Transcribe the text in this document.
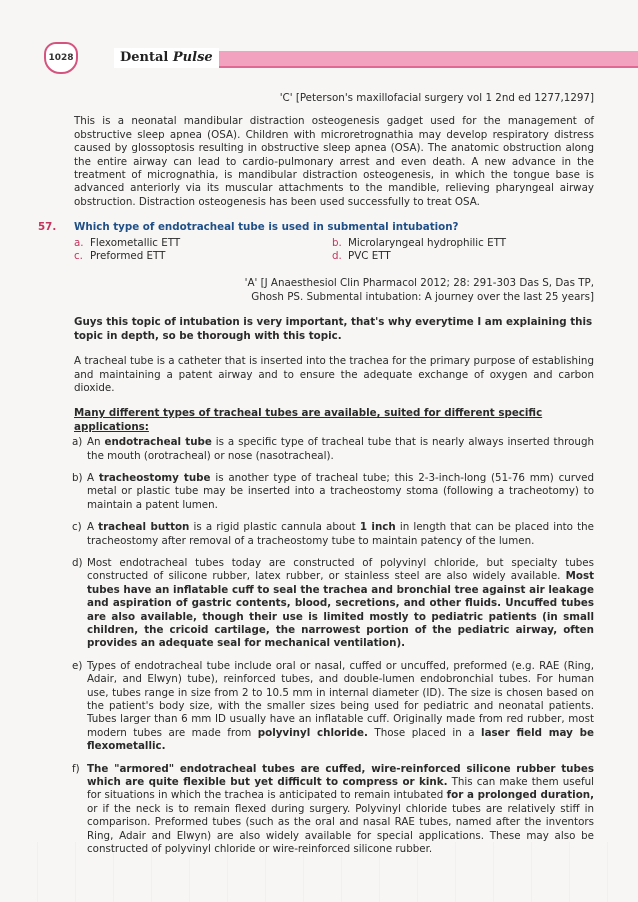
1028	Dental Pulse

'C' [Peterson's maxillofacial surgery vol 1 2nd ed 1277,1297]

This is a neonatal mandibular distraction osteogenesis gadget used for the management of obstructive sleep apnea (OSA). Children with microretrognathia may develop respiratory distress caused by glossoptosis resulting in obstructive sleep apnea (OSA). The anatomic obstruction along the entire airway can lead to cardio-pulmonary arrest and even death. A new advance in the treatment of micrognathia, is mandibular distraction osteogenesis, in which the tongue base is advanced anteriorly via its muscular attachments to the mandible, relieving pharyngeal airway obstruction. Distraction osteogenesis has been used successfully to treat OSA.

57. Which type of endotracheal tube is used in submental intubation?
a. Flexometallic ETT	b. Microlaryngeal hydrophilic ETT
c. Preformed ETT	d. PVC ETT

'A' [J Anaesthesiol Clin Pharmacol 2012; 28: 291-303 Das S, Das TP,

Ghosh PS. Submental intubation: A journey over the last 25 years]

Guys this topic of intubation is very important, that's why everytime I am explaining this topic in depth, so be thorough with this topic.

A tracheal tube is a catheter that is inserted into the trachea for the primary purpose of establishing and maintaining a patent airway and to ensure the adequate exchange of oxygen and carbon dioxide.

Many different types of tracheal tubes are available, suited for different specific applications:

a) An endotracheal tube is a specific type of tracheal tube that is nearly always inserted through the mouth (orotracheal) or nose (nasotracheal).
b) A tracheostomy tube is another type of tracheal tube; this 2-3-inch-long (51-76 mm) curved metal or plastic tube may be inserted into a tracheostomy stoma (following a tracheotomy) to maintain a patent lumen.
c) A tracheal button is a rigid plastic cannula about 1 inch in length that can be placed into the tracheostomy after removal of a tracheostomy tube to maintain patency of the lumen.
d) Most endotracheal tubes today are constructed of polyvinyl chloride, but specialty tubes constructed of silicone rubber, latex rubber, or stainless steel are also widely available. Most tubes have an inflatable cuff to seal the trachea and bronchial tree against air leakage and aspiration of gastric contents, blood, secretions, and other fluids. Uncuffed tubes are also available, though their use is limited mostly to pediatric patients (in small children, the cricoid cartilage, the narrowest portion of the pediatric airway, often provides an adequate seal for mechanical ventilation).
e) Types of endotracheal tube include oral or nasal, cuffed or uncuffed, preformed (e.g. RAE (Ring, Adair, and Elwyn) tube), reinforced tubes, and double-lumen endobronchial tubes. For human use, tubes range in size from 2 to 10.5 mm in internal diameter (ID). The size is chosen based on the patient's body size, with the smaller sizes being used for pediatric and neonatal patients. Tubes larger than 6 mm ID usually have an inflatable cuff. Originally made from red rubber, most modern tubes are made from polyvinyl chloride. Those placed in a laser field may be flexometallic.
f) The "armored" endotracheal tubes are cuffed, wire-reinforced silicone rubber tubes which are quite flexible but yet difficult to compress or kink. This can make them useful for situations in which the trachea is anticipated to remain intubated for a prolonged duration, or if the neck is to remain flexed during surgery. Polyvinyl chloride tubes are relatively stiff in comparison. Preformed tubes (such as the oral and nasal RAE tubes, named after the inventors Ring, Adair and Elwyn) are also widely available for special applications. These may also be constructed of polyvinyl chloride or wire-reinforced silicone rubber.
